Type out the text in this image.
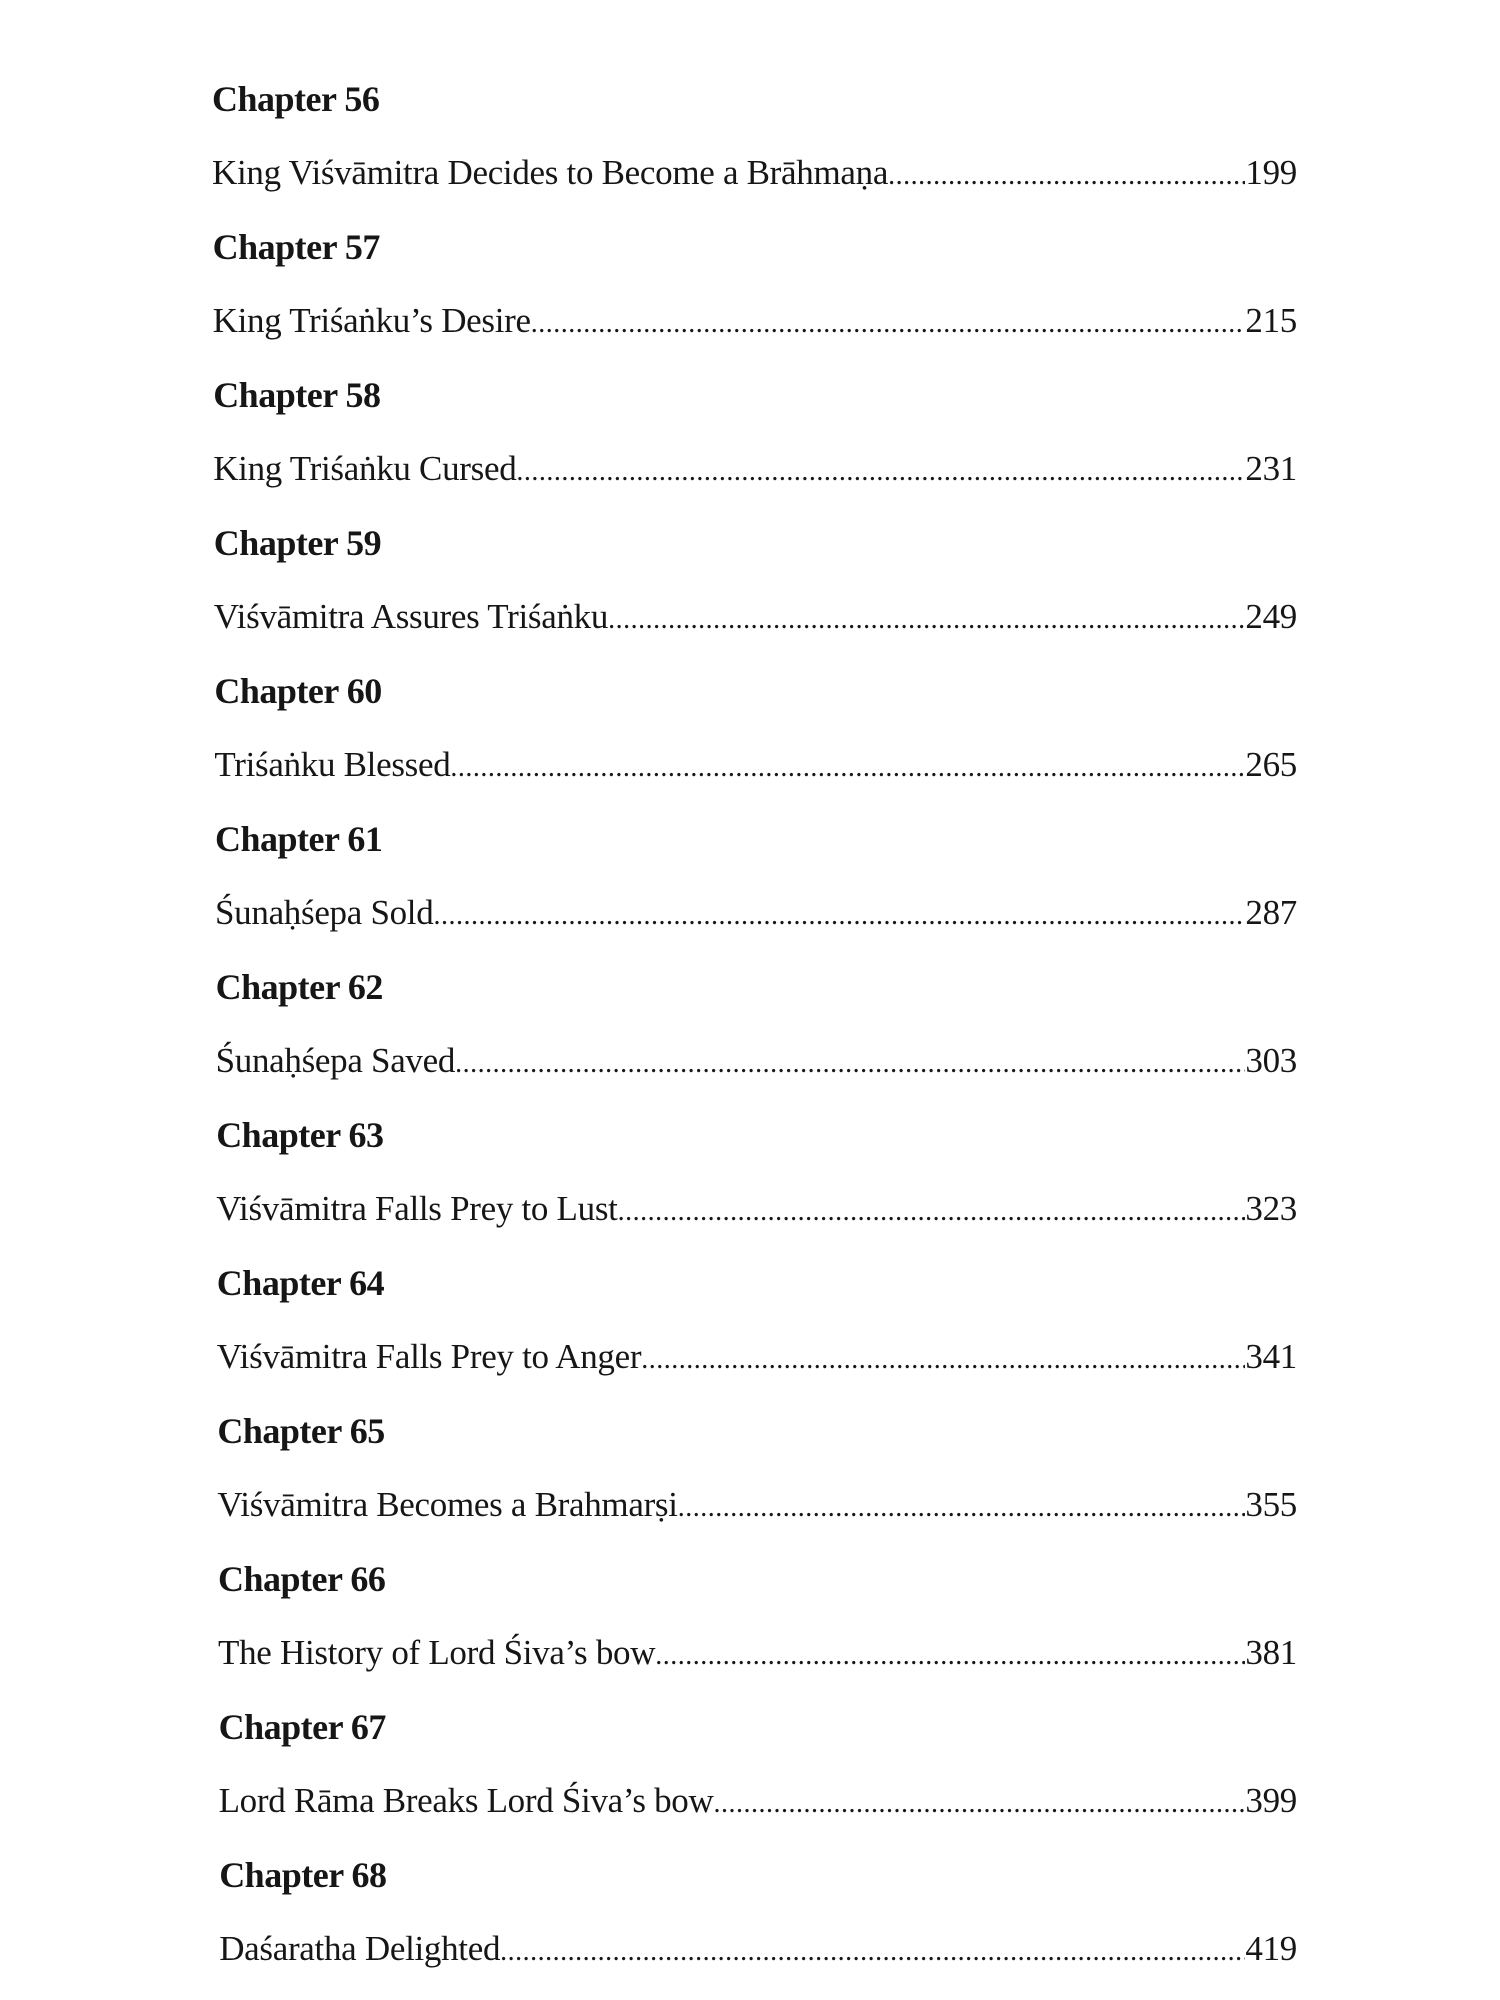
Chapter 56
King Viśvāmitra Decides to Become a Brāhmaṇa .....	199
Chapter 57
King Triśaṅku’s Desire .....	215
Chapter 58
King Triśaṅku Cursed .....	231
Chapter 59
Viśvāmitra Assures Triśaṅku .....	249
Chapter 60
Triśaṅku Blessed .....	265
Chapter 61
Śunaḥśepa Sold .....	287
Chapter 62
Śunaḥśepa Saved .....	303
Chapter 63
Viśvāmitra Falls Prey to Lust .....	323
Chapter 64
Viśvāmitra Falls Prey to Anger .....	341
Chapter 65
Viśvāmitra Becomes a Brahmarṣi .....	355
Chapter 66
The History of Lord Śiva’s bow .....	381
Chapter 67
Lord Rāma Breaks Lord Śiva’s bow .....	399
Chapter 68
Daśaratha Delighted .....	419
